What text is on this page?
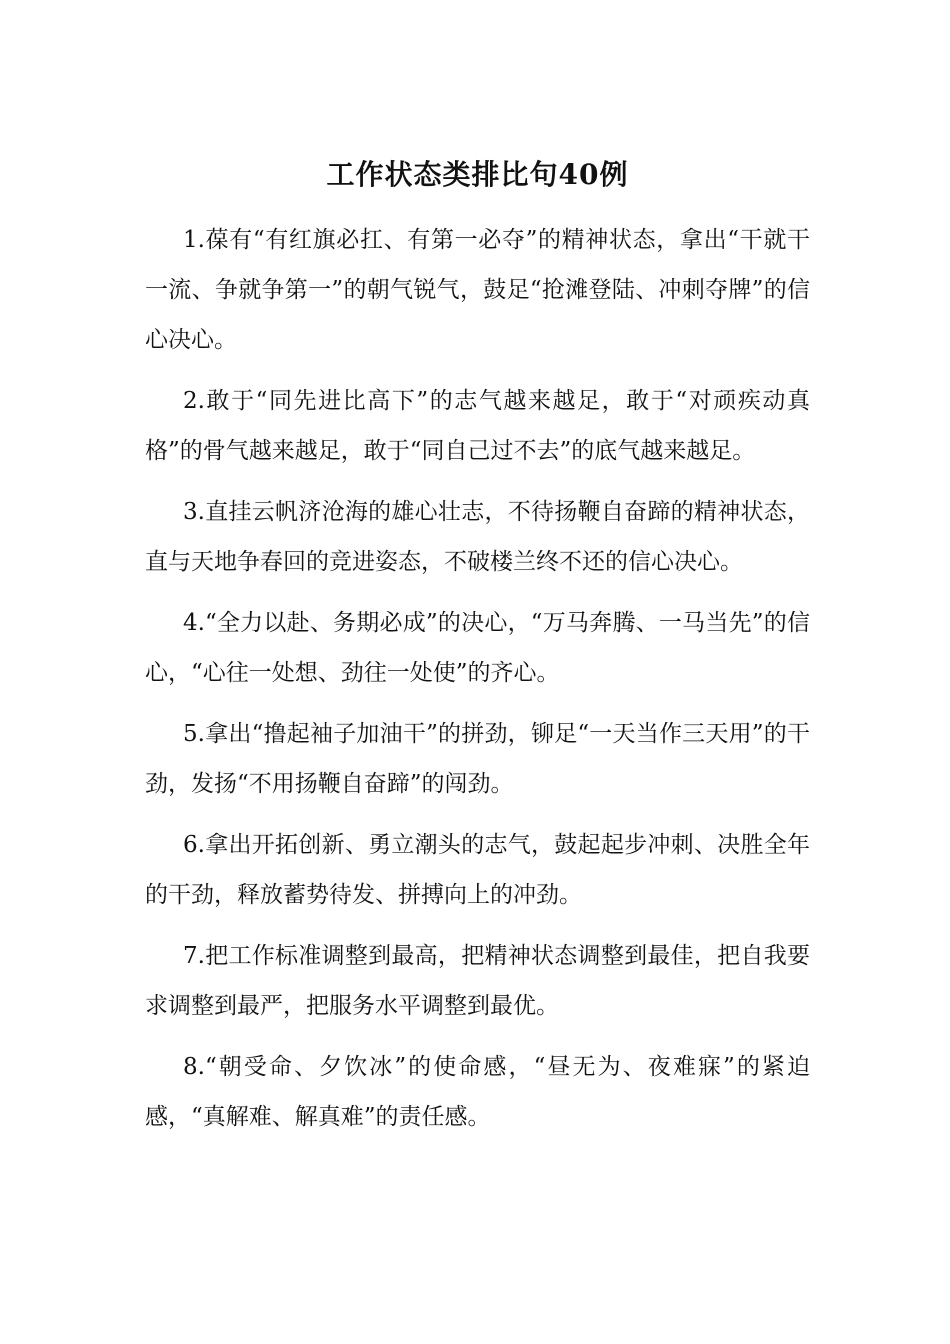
工作状态类排比句40例

1.葆有“有红旗必扛、有第一必夺”的精神状态，拿出“干就干一流、争就争第一”的朝气锐气，鼓足“抢滩登陆、冲刺夺牌”的信心决心。

2.敢于“同先进比高下”的志气越来越足，敢于“对顽疾动真格”的骨气越来越足，敢于“同自己过不去”的底气越来越足。

3.直挂云帆济沧海的雄心壮志，不待扬鞭自奋蹄的精神状态，直与天地争春回的竞进姿态，不破楼兰终不还的信心决心。

4.“全力以赴、务期必成”的决心，“万马奔腾、一马当先”的信心，“心往一处想、劲往一处使”的齐心。

5.拿出“撸起袖子加油干”的拼劲，铆足“一天当作三天用”的干劲，发扬“不用扬鞭自奋蹄”的闯劲。

6.拿出开拓创新、勇立潮头的志气，鼓起起步冲刺、决胜全年的干劲，释放蓄势待发、拼搏向上的冲劲。

7.把工作标准调整到最高，把精神状态调整到最佳，把自我要求调整到最严，把服务水平调整到最优。

8.“朝受命、夕饮冰”的使命感，“昼无为、夜难寐”的紧迫感，“真解难、解真难”的责任感。
